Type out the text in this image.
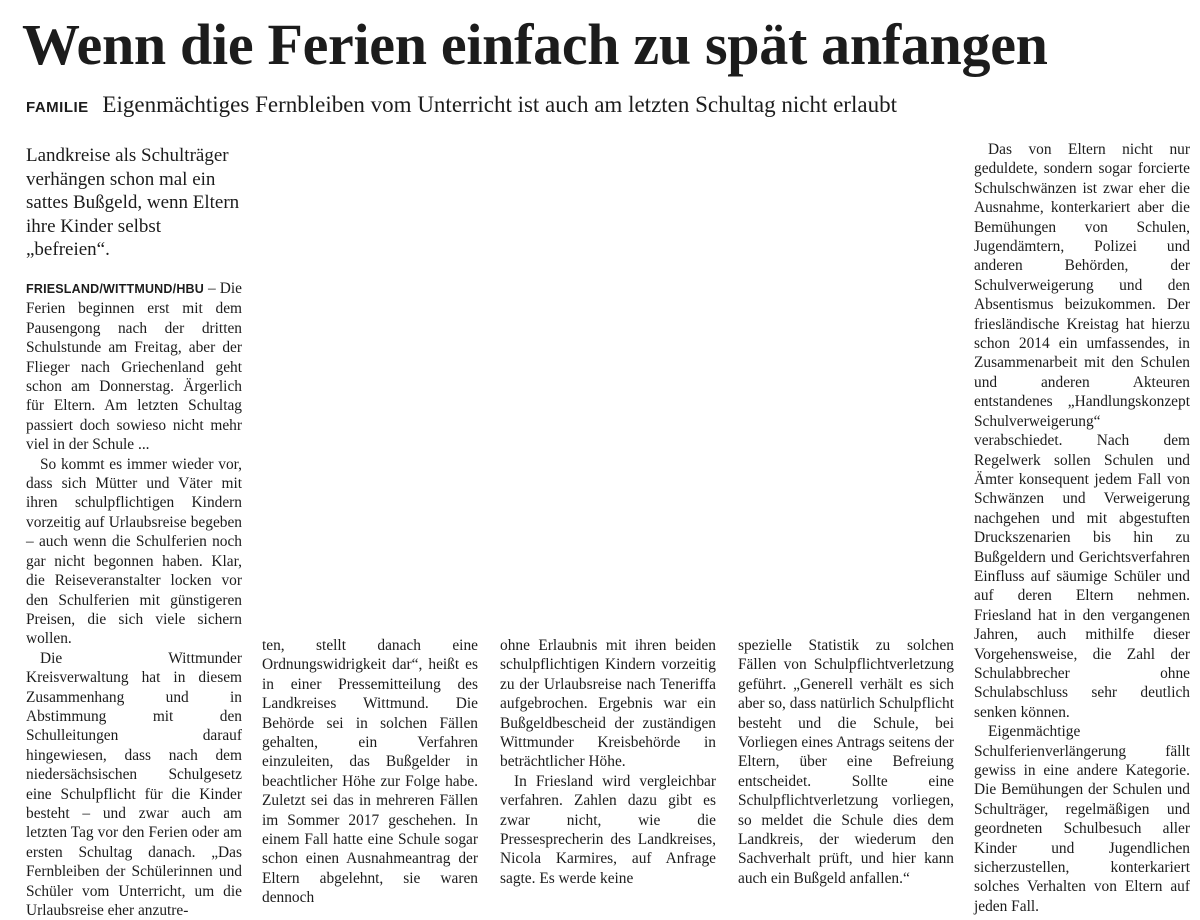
Wenn die Ferien einfach zu spät anfangen
FAMILIE Eigenmächtiges Fernbleiben vom Unterricht ist auch am letzten Schultag nicht erlaubt
Landkreise als Schulträger verhängen schon mal ein sattes Bußgeld, wenn Eltern ihre Kinder selbst „befreien“.

FRIESLAND/WITTMUND/HBU – Die Ferien beginnen erst mit dem Pausengong nach der dritten Schulstunde am Freitag, aber der Flieger nach Griechenland geht schon am Donnerstag. Ärgerlich für Eltern. Am letzten Schultag passiert doch sowieso nicht mehr viel in der Schule ...

So kommt es immer wieder vor, dass sich Mütter und Väter mit ihren schulpflichtigen Kindern vorzeitig auf Urlaubsreise begeben – auch wenn die Schulferien noch gar nicht begonnen haben. Klar, die Reiseveranstalter locken vor den Schulferien mit günstigeren Preisen, die sich viele sichern wollen.

Die Wittmunder Kreisverwaltung hat in diesem Zusammenhang und in Abstimmung mit den Schulleitungen darauf hingewiesen, dass nach dem niedersächsischen Schulgesetz eine Schulpflicht für die Kinder besteht – und zwar auch am letzten Tag vor den Ferien oder am ersten Schultag danach. „Das Fernbleiben der Schülerinnen und Schüler vom Unterricht, um die Urlaubsreise eher anzutre-

ten, stellt danach eine Ordnungswidrigkeit dar“, heißt es in einer Pressemitteilung des Landkreises Wittmund. Die Behörde sei in solchen Fällen gehalten, ein Verfahren einzuleiten, das Bußgelder in beachtlicher Höhe zur Folge habe. Zuletzt sei das in mehreren Fällen im Sommer 2017 geschehen. In einem Fall hatte eine Schule sogar schon einen Ausnahmeantrag der Eltern abgelehnt, sie waren dennoch

ohne Erlaubnis mit ihren beiden schulpflichtigen Kindern vorzeitig zu der Urlaubsreise nach Teneriffa aufgebrochen. Ergebnis war ein Bußgeldbescheid der zuständigen Wittmunder Kreisbehörde in beträchtlicher Höhe.

In Friesland wird vergleichbar verfahren. Zahlen dazu gibt es zwar nicht, wie die Pressesprecherin des Landkreises, Nicola Karmires, auf Anfrage sagte. Es werde keine

spezielle Statistik zu solchen Fällen von Schulpflichtverletzung geführt. „Generell verhält es sich aber so, dass natürlich Schulpflicht besteht und die Schule, bei Vorliegen eines Antrags seitens der Eltern, über eine Befreiung entscheidet. Sollte eine Schulpflichtverletzung vorliegen, so meldet die Schule dies dem Landkreis, der wiederum den Sachverhalt prüft, und hier kann auch ein Bußgeld anfallen.“

Das von Eltern nicht nur geduldete, sondern sogar forcierte Schulschwänzen ist zwar eher die Ausnahme, konterkariert aber die Bemühungen von Schulen, Jugendämtern, Polizei und anderen Behörden, der Schulverweigerung und den Absentismus beizukommen. Der friesländische Kreistag hat hierzu schon 2014 ein umfassendes, in Zusammenarbeit mit den Schulen und anderen Akteuren entstandenes „Handlungskonzept Schulverweigerung“ verabschiedet. Nach dem Regelwerk sollen Schulen und Ämter konsequent jedem Fall von Schwänzen und Verweigerung nachgehen und mit abgestuften Druckszenarien bis hin zu Bußgeldern und Gerichtsverfahren Einfluss auf säumige Schüler und auf deren Eltern nehmen. Friesland hat in den vergangenen Jahren, auch mithilfe dieser Vorgehensweise, die Zahl der Schulabbrecher ohne Schulabschluss sehr deutlich senken können.

Eigenmächtige Schulferienverlängerung fällt gewiss in eine andere Kategorie. Die Bemühungen der Schulen und Schulträger, regelmäßigen und geordneten Schulbesuch aller Kinder und Jugendlichen sicherzustellen, konterkariert solches Verhalten von Eltern auf jeden Fall.
